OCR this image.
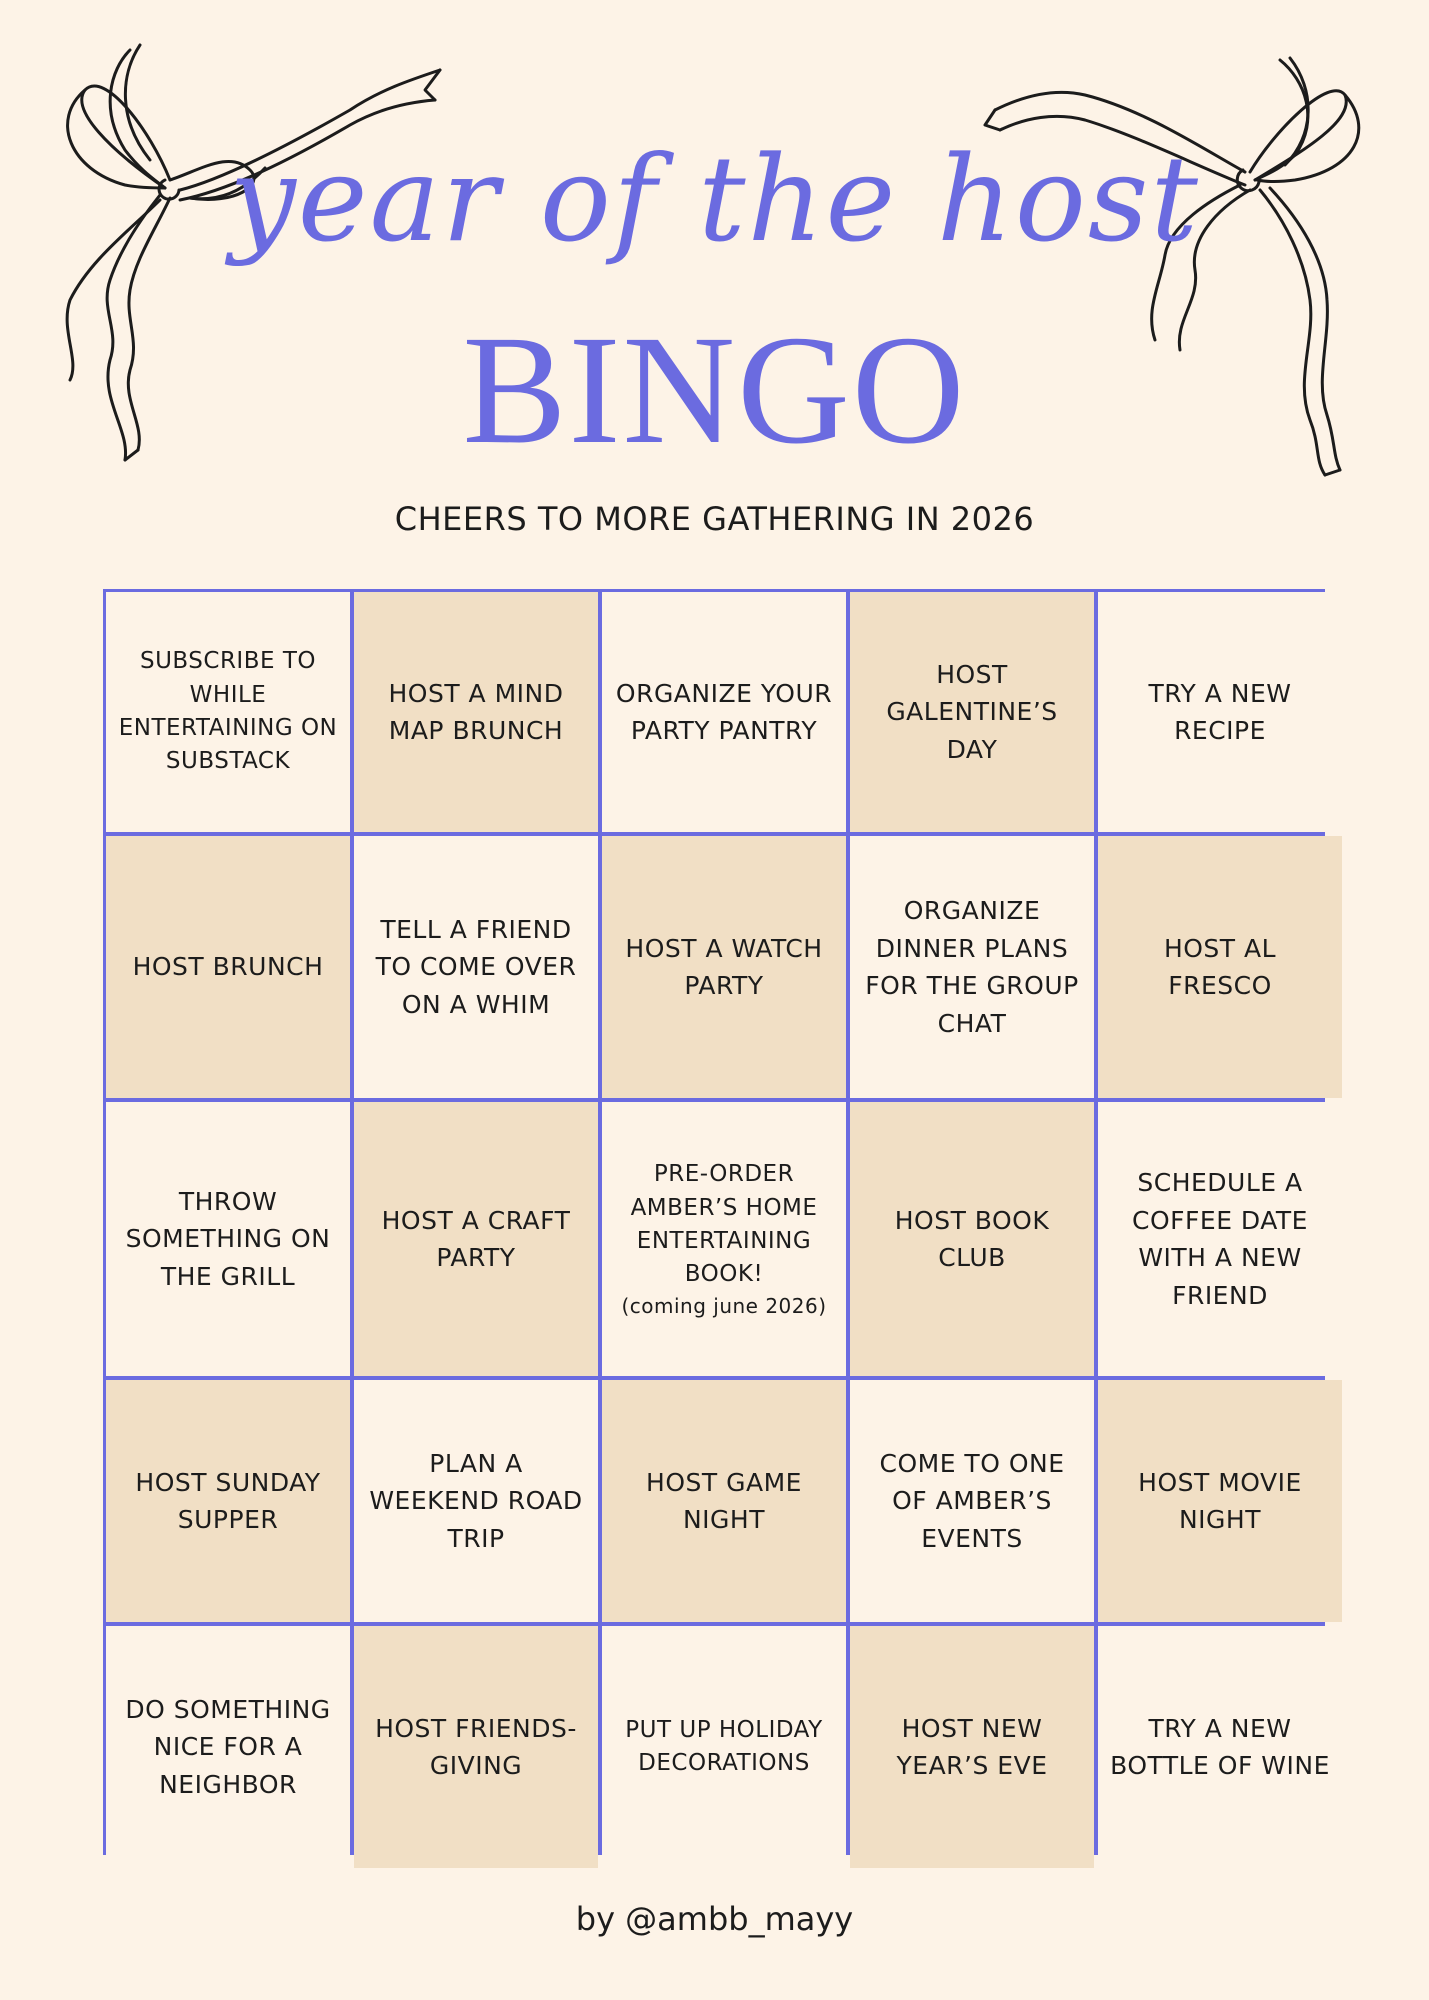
year of the host
BINGO
CHEERS TO MORE GATHERING IN 2026
SUBSCRIBE TO WHILE ENTERTAINING ON SUBSTACK
HOST A MIND MAP BRUNCH
ORGANIZE YOUR PARTY PANTRY
HOST GALENTINE’S DAY
TRY A NEW RECIPE
HOST BRUNCH
TELL A FRIEND TO COME OVER ON A WHIM
HOST A WATCH PARTY
ORGANIZE DINNER PLANS FOR THE GROUP CHAT
HOST AL FRESCO
THROW SOMETHING ON THE GRILL
HOST A CRAFT PARTY
PRE-ORDER AMBER’S HOME ENTERTAINING BOOK!
(coming june 2026)
HOST BOOK CLUB
SCHEDULE A COFFEE DATE WITH A NEW FRIEND
HOST SUNDAY SUPPER
PLAN A WEEKEND ROAD TRIP
HOST GAME NIGHT
COME TO ONE OF AMBER’S EVENTS
HOST MOVIE NIGHT
DO SOMETHING NICE FOR A NEIGHBOR
HOST FRIENDS-GIVING
PUT UP HOLIDAY DECORATIONS
HOST NEW YEAR’S EVE
TRY A NEW BOTTLE OF WINE
by @ambb_mayy
